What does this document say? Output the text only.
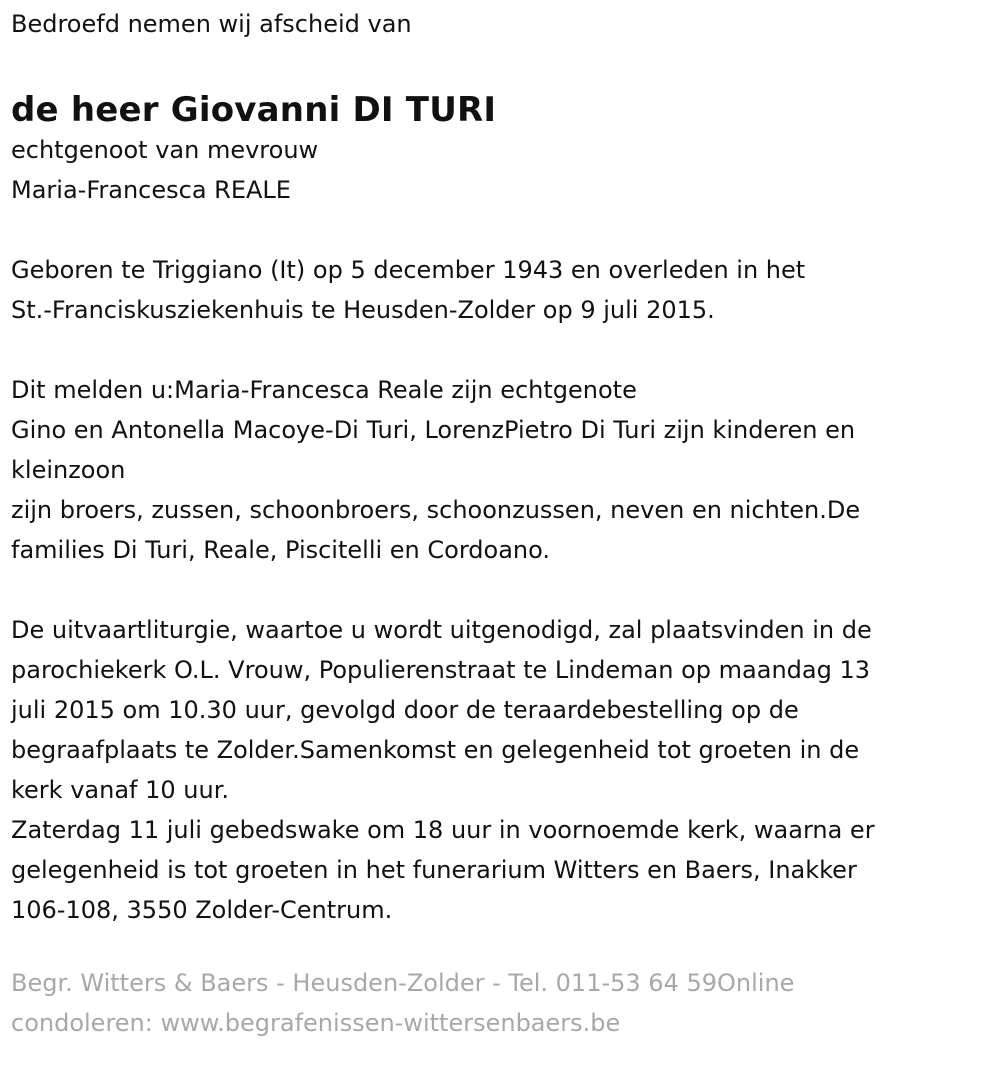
Bedroefd nemen wij afscheid van

de heer Giovanni DI TURI
echtgenoot van mevrouw
Maria-Francesca REALE
Geboren te Triggiano (It) op 5 december 1943 en overleden in het
St.-Franciskusziekenhuis te Heusden-Zolder op 9 juli 2015.
Dit melden u:Maria-Francesca Reale zijn echtgenote
Gino en Antonella Macoye-Di Turi, LorenzPietro Di Turi zijn kinderen en
kleinzoon
zijn broers, zussen, schoonbroers, schoonzussen, neven en nichten.De
families Di Turi, Reale, Piscitelli en Cordoano.
De uitvaartliturgie, waartoe u wordt uitgenodigd, zal plaatsvinden in de
parochiekerk O.L. Vrouw, Populierenstraat te Lindeman op maandag 13
juli 2015 om 10.30 uur, gevolgd door de teraardebestelling op de
begraafplaats te Zolder.Samenkomst en gelegenheid tot groeten in de
kerk vanaf 10 uur.
Zaterdag 11 juli gebedswake om 18 uur in voornoemde kerk, waarna er
gelegenheid is tot groeten in het funerarium Witters en Baers, Inakker
106-108, 3550 Zolder-Centrum.
Begr. Witters & Baers - Heusden-Zolder - Tel. 011-53 64 59Online
condoleren: www.begrafenissen-wittersenbaers.be
